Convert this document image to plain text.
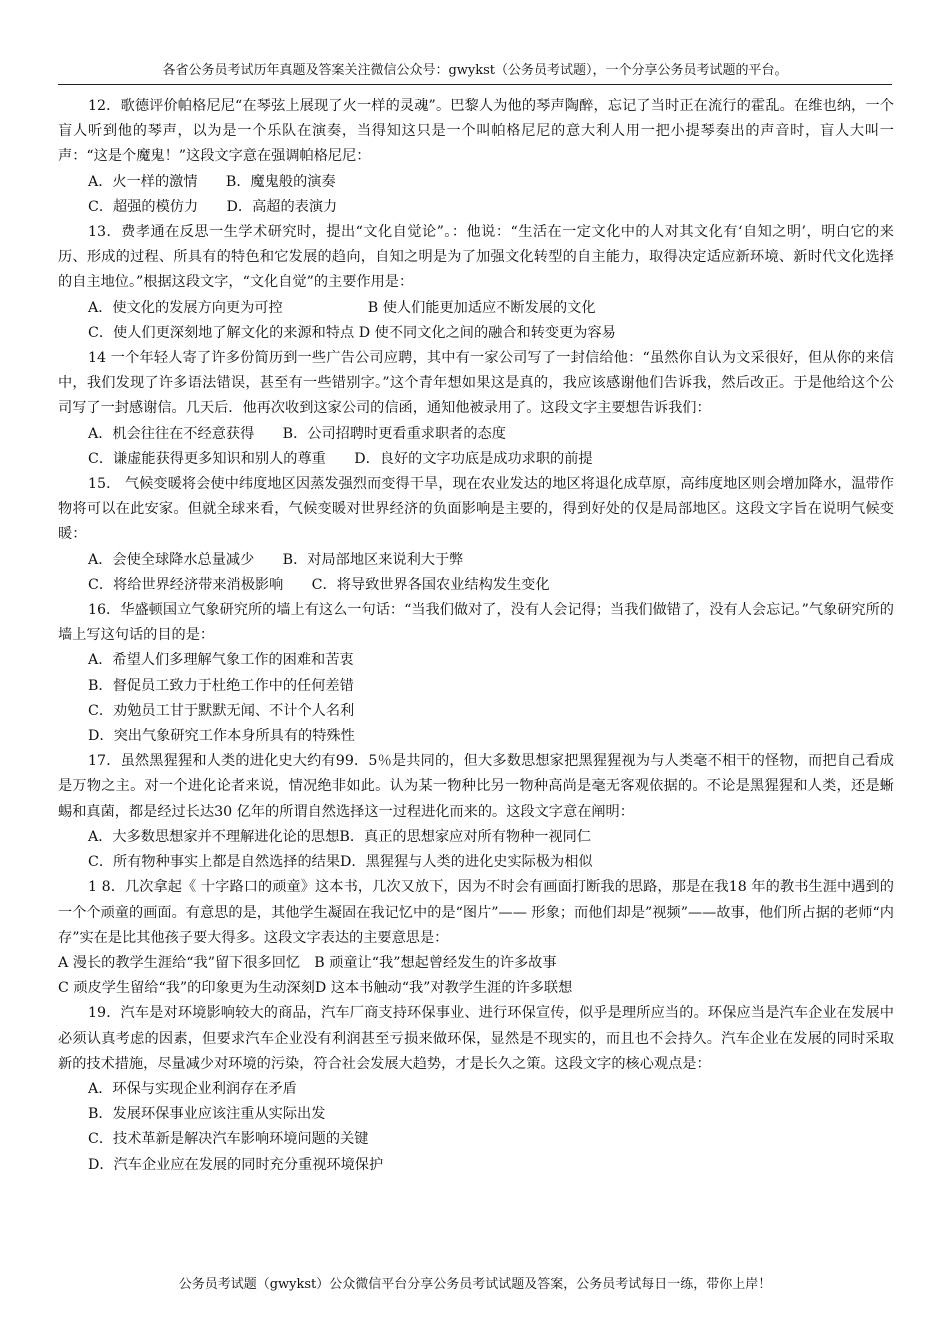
各省公务员考试历年真题及答案关注微信公众号：gwykst（公务员考试题），一个分享公务员考试题的平台。

12．歌德评价帕格尼尼“在琴弦上展现了火一样的灵魂”。巴黎人为他的琴声陶醉，忘记了当时正在流行的霍乱。在维也纳，一个盲人听到他的琴声，以为是一个乐队在演奏，当得知这只是一个叫帕格尼尼的意大利人用一把小提琴奏出的声音时，盲人大叫一声：“这是个魔鬼！”这段文字意在强调帕格尼尼：

A．火一样的激情　　B．魔鬼般的演奏

C．超强的模仿力　　D．高超的表演力

13．费孝通在反思一生学术研究时，提出“文化自觉论”。：他说：“生活在一定文化中的人对其文化有‘自知之明’，明白它的来历、形成的过程、所具有的特色和它发展的趋向，自知之明是为了加强文化转型的自主能力，取得决定适应新环境、新时代文化选择的自主地位。”根据这段文字，“文化自觉”的主要作用是：

A．使文化的发展方向更为可控　　　　　　B 使人们能更加适应不断发展的文化

C．使人们更深刻地了解文化的来源和特点 D 使不同文化之间的融合和转变更为容易

14 一个年轻人寄了许多份简历到一些广告公司应聘，其中有一家公司写了一封信给他：“虽然你自认为文采很好，但从你的来信中，我们发现了许多语法错误，甚至有一些错别字。”这个青年想如果这是真的，我应该感谢他们告诉我，然后改正。于是他给这个公司写了一封感谢信。几天后．他再次收到这家公司的信函，通知他被录用了。这段文字主要想告诉我们：

A．机会往往在不经意获得　　B．公司招聘时更看重求职者的态度

C．谦虚能获得更多知识和别人的尊重　　D．良好的文字功底是成功求职的前提

15． 气候变暖将会使中纬度地区因蒸发强烈而变得干旱，现在农业发达的地区将退化成草原，高纬度地区则会增加降水，温带作物将可以在此安家。但就全球来看，气候变暖对世界经济的负面影响是主要的，得到好处的仅是局部地区。这段文字旨在说明气候变暖：

A．会使全球降水总量减少　　B．对局部地区来说利大于弊

C．将给世界经济带来消极影响　　C．将导致世界各国农业结构发生变化

16．华盛顿国立气象研究所的墙上有这么一句话：“当我们做对了，没有人会记得；当我们做错了，没有人会忘记。”气象研究所的墙上写这句话的目的是：

A．希望人们多理解气象工作的困难和苦衷

B．督促员工致力于杜绝工作中的任何差错

C．劝勉员工甘于默默无闻、不计个人名利

D．突出气象研究工作本身所具有的特殊性

17．虽然黑猩猩和人类的进化史大约有99．5％是共同的，但大多数思想家把黑猩猩视为与人类毫不相干的怪物，而把自己看成是万物之主。对一个进化论者来说，情况绝非如此。认为某一物种比另一物种高尚是毫无客观依据的。不论是黑猩猩和人类，还是蜥蜴和真菌，都是经过长达30 亿年的所谓自然选择这一过程进化而来的。这段文字意在阐明：

A．大多数思想家并不理解进化论的思想B．真正的思想家应对所有物种一视同仁

C．所有物种事实上都是自然选择的结果D．黑猩猩与人类的进化史实际极为相似

1 8．几次拿起《 十字路口的顽童》这本书，几次又放下，因为不时会有画面打断我的思路，那是在我18 年的教书生涯中遇到的一个个顽童的画面。有意思的是，其他学生凝固在我记忆中的是“图片”—— 形象；而他们却是”视频”——故事，他们所占据的老师“内存”实在是比其他孩子要大得多。这段文字表达的主要意思是：

A 漫长的教学生涯给“我”留下很多回忆　B 顽童让“我”想起曾经发生的许多故事

C 顽皮学生留给“我”的印象更为生动深刻D 这本书触动“我”对教学生涯的许多联想

19．汽车是对环境影响较大的商品，汽车厂商支持环保事业、进行环保宣传，似乎是理所应当的。环保应当是汽车企业在发展中必须认真考虑的因素，但要求汽车企业没有利润甚至亏损来做环保，显然是不现实的，而且也不会持久。汽车企业在发展的同时采取新的技术措施，尽量减少对环境的污染，符合社会发展大趋势，才是长久之策。这段文字的核心观点是：

A．环保与实现企业利润存在矛盾

B．发展环保事业应该注重从实际出发

C．技术革新是解决汽车影响环境问题的关键

D．汽车企业应在发展的同时充分重视环境保护

公务员考试题（gwykst）公众微信平台分享公务员考试试题及答案，公务员考试每日一练，带你上岸！
